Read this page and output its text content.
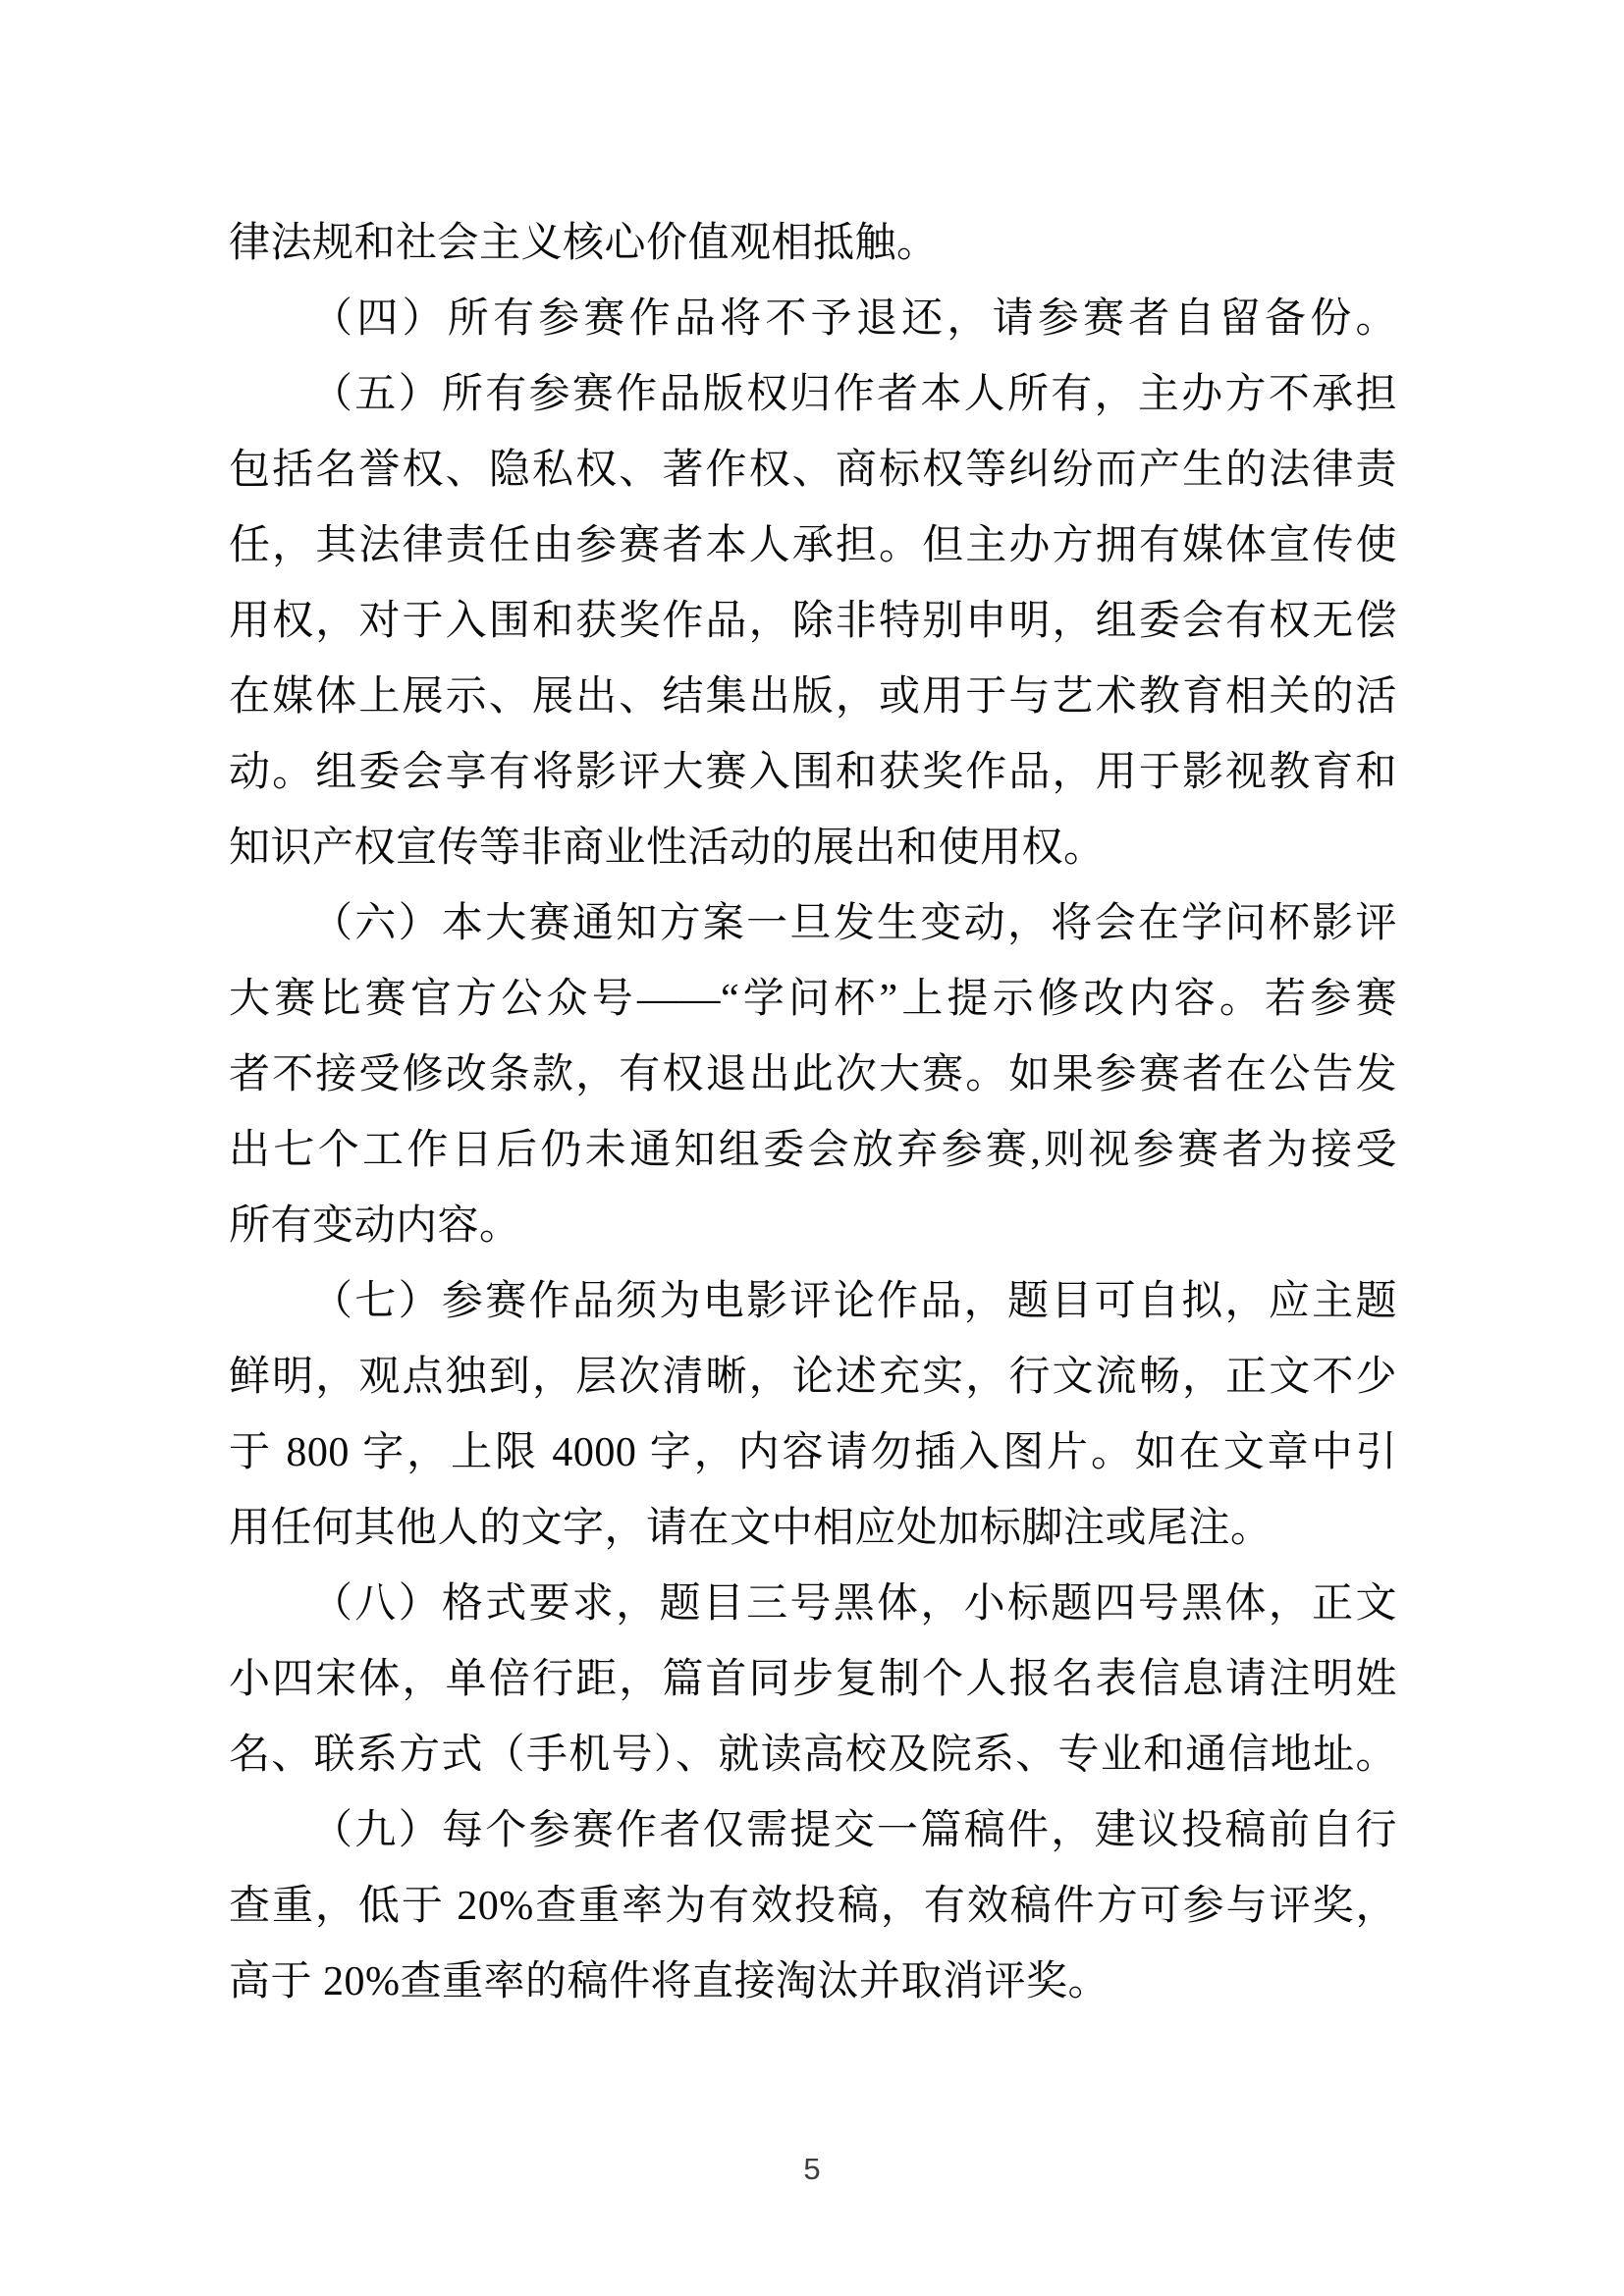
律法规和社会主义核心价值观相抵触。

（四）所有参赛作品将不予退还，请参赛者自留备份。

（五）所有参赛作品版权归作者本人所有，主办方不承担

包括名誉权、隐私权、著作权、商标权等纠纷而产生的法律责

任，其法律责任由参赛者本人承担。但主办方拥有媒体宣传使

用权，对于入围和获奖作品，除非特别申明，组委会有权无偿

在媒体上展示、展出、结集出版，或用于与艺术教育相关的活

动。组委会享有将影评大赛入围和获奖作品，用于影视教育和

知识产权宣传等非商业性活动的展出和使用权。

（六）本大赛通知方案一旦发生变动，将会在学问杯影评

大赛比赛官方公众号——“学问杯”上提示修改内容。若参赛

者不接受修改条款，有权退出此次大赛。如果参赛者在公告发

出七个工作日后仍未通知组委会放弃参赛,则视参赛者为接受

所有变动内容。

（七）参赛作品须为电影评论作品，题目可自拟，应主题

鲜明，观点独到，层次清晰，论述充实，行文流畅，正文不少

于 800 字，上限 4000 字，内容请勿插入图片。如在文章中引

用任何其他人的文字，请在文中相应处加标脚注或尾注。

（八）格式要求，题目三号黑体，小标题四号黑体，正文

小四宋体，单倍行距，篇首同步复制个人报名表信息请注明姓

名、联系方式（手机号）、就读高校及院系、专业和通信地址。

（九）每个参赛作者仅需提交一篇稿件，建议投稿前自行

查重，低于 20%查重率为有效投稿，有效稿件方可参与评奖，

高于 20%查重率的稿件将直接淘汰并取消评奖。

5
